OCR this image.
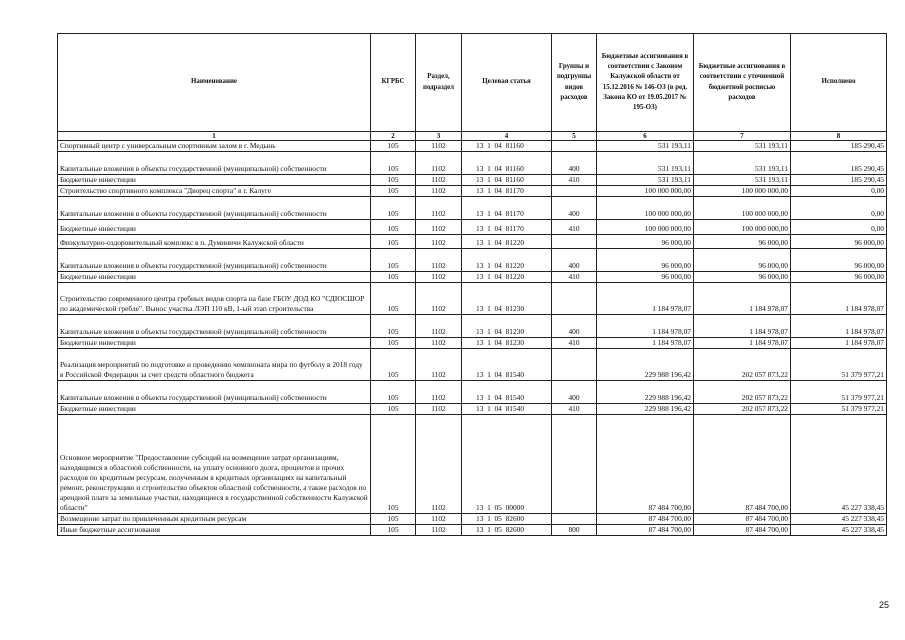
Наименование	КГРБС	Раздел, подраздел	Целевая статья	Группы и подгруппы видов расходов	Бюджетные ассигнования в соответствии с Законом Калужской области от 15.12.2016 № 146-ОЗ (в ред. Закона КО от 19.05.2017 № 195-ОЗ)	Бюджетные ассигнования в соответствии с уточненной бюджетной росписью расходов	Исполнено
1	2	3	4	5	6	7	8
Спортивный центр с универсальным спортивным залом в г. Медынь	105	1102	13  1  04  81160		531 193,11	531 193,11	185 290,45
Капитальные вложения в объекты государственной (муниципальной) собственности	105	1102	13  1  04  81160	400	531 193,11	531 193,11	185 290,45
Бюджетные инвестиции	105	1102	13  1  04  81160	410	531 193,11	531 193,11	185 290,45
Строительство спортивного комплекса "Дворец спорта" в г. Калуге	105	1102	13  1  04  81170		100 000 000,00	100 000 000,00	0,00
Капитальные вложения в объекты государственной (муниципальной) собственности	105	1102	13  1  04  81170	400	100 000 000,00	100 000 000,00	0,00
Бюджетные инвестиции	105	1102	13  1  04  81170	410	100 000 000,00	100 000 000,00	0,00
Физкультурно-оздоровительный комплекс в п. Думиничи Калужской области	105	1102	13  1  04  81220		96 000,00	96 000,00	96 000,00
Капитальные вложения в объекты государственной (муниципальной) собственности	105	1102	13  1  04  81220	400	96 000,00	96 000,00	96 000,00
Бюджетные инвестиции	105	1102	13  1  04  81220	410	96 000,00	96 000,00	96 000,00
Строительство современного центра гребных видов спорта на базе ГБОУ ДОД КО "СДЮСШОР по академической гребле". Вынос участка ЛЭП 110 кВ, 1-ый этап строительства	105	1102	13  1  04  81230		1 184 978,07	1 184 978,07	1 184 978,07
Капитальные вложения в объекты государственной (муниципальной) собственности	105	1102	13  1  04  81230	400	1 184 978,07	1 184 978,07	1 184 978,07
Бюджетные инвестиции	105	1102	13  1  04  81230	410	1 184 978,07	1 184 978,07	1 184 978,07
Реализация мероприятий по подготовке и проведению чемпионата мира по футболу в 2018 году в Российской Федерации за счет средств областного бюджета	105	1102	13  1  04  81540		229 988 196,42	202 057 873,22	51 379 977,21
Капитальные вложения в объекты государственной (муниципальной) собственности	105	1102	13  1  04  81540	400	229 988 196,42	202 057 873,22	51 379 977,21
Бюджетные инвестиции	105	1102	13  1  04  81540	410	229 988 196,42	202 057 873,22	51 379 977,21
Основное мероприятие "Предоставление субсидий на возмещение затрат организациям, находящимся в областной собственности, на уплату основного долга, процентов и прочих расходов по кредитным ресурсам, полученным в кредитных организациях на капитальный ремонт, реконструкцию и строительство объектов областной собственности, а также расходов по арендной плате за земельные участки, находящиеся в государственной собственности Калужской области"	105	1102	13  1  05  00000		87 484 700,00	87 484 700,00	45 227 338,45
Возмещение затрат по привлеченным кредитным ресурсам	105	1102	13  1  05  82600		87 484 700,00	87 484 700,00	45 227 338,45
Иные бюджетные ассигнования	105	1102	13  1  05  82600	800	87 484 700,00	87 484 700,00	45 227 338,45
25
